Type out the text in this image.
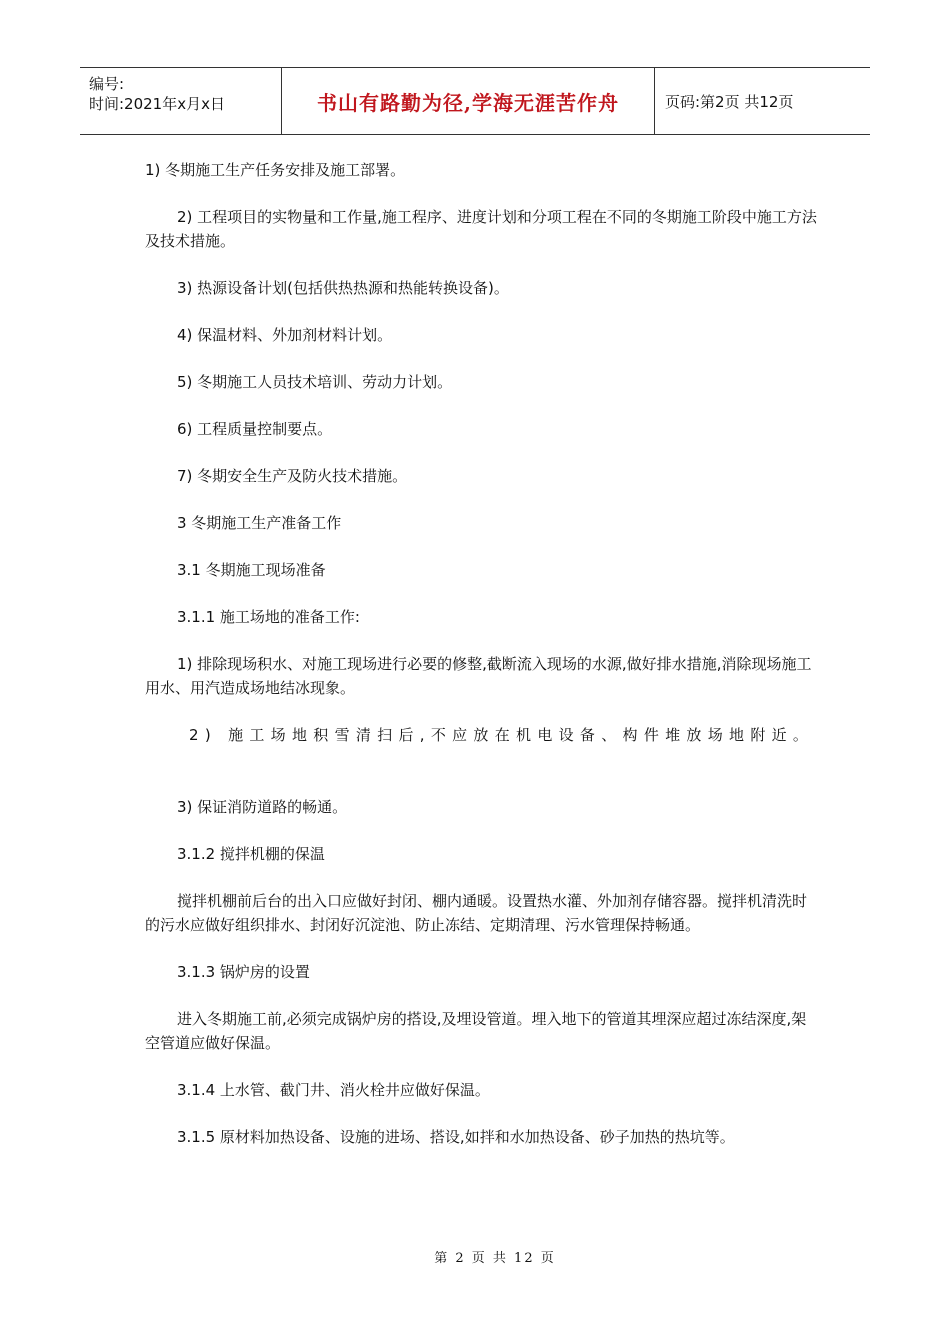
编号:
时间:2021年x月x日	书山有路勤为径,学海无涯苦作舟	页码:第2页 共12页

1) 冬期施工生产任务安排及施工部署。

2) 工程项目的实物量和工作量,施工程序、进度计划和分项工程在不同的冬期施工阶段中施工方法及技术措施。

3) 热源设备计划(包括供热热源和热能转换设备)。

4) 保温材料、外加剂材料计划。

5) 冬期施工人员技术培训、劳动力计划。

6) 工程质量控制要点。

7) 冬期安全生产及防火技术措施。

3 冬期施工生产准备工作

3.1 冬期施工现场准备

3.1.1 施工场地的准备工作:

1) 排除现场积水、对施工现场进行必要的修整,截断流入现场的水源,做好排水措施,消除现场施工用水、用汽造成场地结冰现象。

2) 施工场地积雪清扫后,不应放在机电设备、构件堆放场地附近。

3) 保证消防道路的畅通。

3.1.2 搅拌机棚的保温

搅拌机棚前后台的出入口应做好封闭、棚内通暖。设置热水灌、外加剂存储容器。搅拌机清洗时的污水应做好组织排水、封闭好沉淀池、防止冻结、定期清理、污水管理保持畅通。

3.1.3 锅炉房的设置

进入冬期施工前,必须完成锅炉房的搭设,及埋设管道。埋入地下的管道其埋深应超过冻结深度,架空管道应做好保温。

3.1.4 上水管、截门井、消火栓井应做好保温。

3.1.5 原材料加热设备、设施的进场、搭设,如拌和水加热设备、砂子加热的热坑等。

第 2 页 共 12 页
